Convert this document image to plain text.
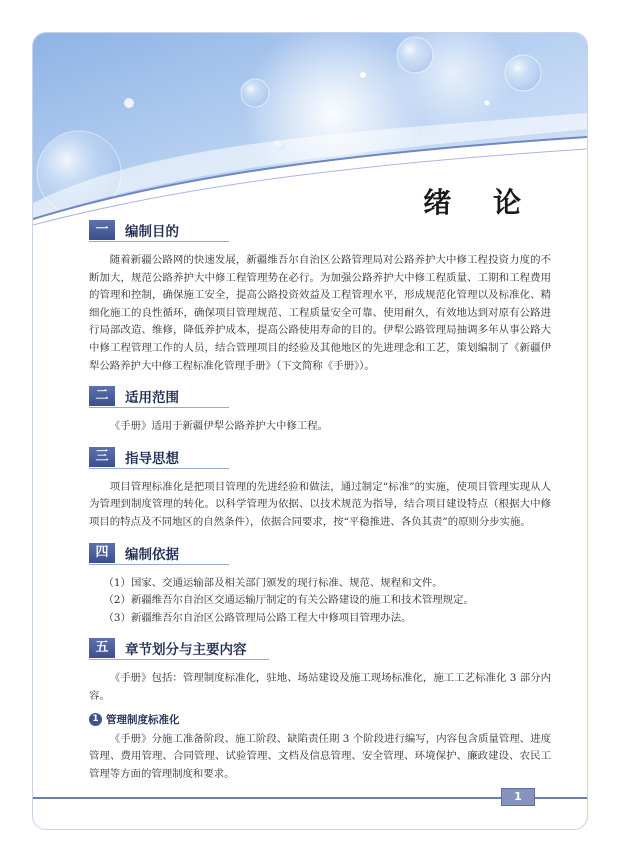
绪 论
一	编制目的

随着新疆公路网的快速发展，新疆维吾尔自治区公路管理局对公路养护大中修工程投资力度的不断加大，规范公路养护大中修工程管理势在必行。为加强公路养护大中修工程质量、工期和工程费用的管理和控制，确保施工安全，提高公路投资效益及工程管理水平，形成规范化管理以及标准化、精细化施工的良性循环，确保项目管理规范、工程质量安全可靠、使用耐久，有效地达到对原有公路进行局部改造、维修，降低养护成本，提高公路使用寿命的目的。伊犁公路管理局抽调多年从事公路大中修工程管理工作的人员，结合管理项目的经验及其他地区的先进理念和工艺，策划编制了《新疆伊犁公路养护大中修工程标准化管理手册》（下文简称《手册》）。

二	适用范围

《手册》适用于新疆伊犁公路养护大中修工程。

三	指导思想

项目管理标准化是把项目管理的先进经验和做法，通过制定“标准”的实施，使项目管理实现从人为管理到制度管理的转化。以科学管理为依据、以技术规范为指导，结合项目建设特点（根据大中修项目的特点及不同地区的自然条件），依据合同要求，按“平稳推进、各负其责”的原则分步实施。

四	编制依据
（1）国家、交通运输部及相关部门颁发的现行标准、规范、规程和文件。
（2）新疆维吾尔自治区交通运输厅制定的有关公路建设的施工和技术管理规定。
（3）新疆维吾尔自治区公路管理局公路工程大中修项目管理办法。
五	章节划分与主要内容

《手册》包括：管理制度标准化，驻地、场站建设及施工现场标准化，施工工艺标准化 3 部分内容。

1 管理制度标准化

《手册》分施工准备阶段、施工阶段、缺陷责任期 3 个阶段进行编写，内容包含质量管理、进度管理、费用管理、合同管理、试验管理、文档及信息管理、安全管理、环境保护、廉政建设、农民工管理等方面的管理制度和要求。

1
